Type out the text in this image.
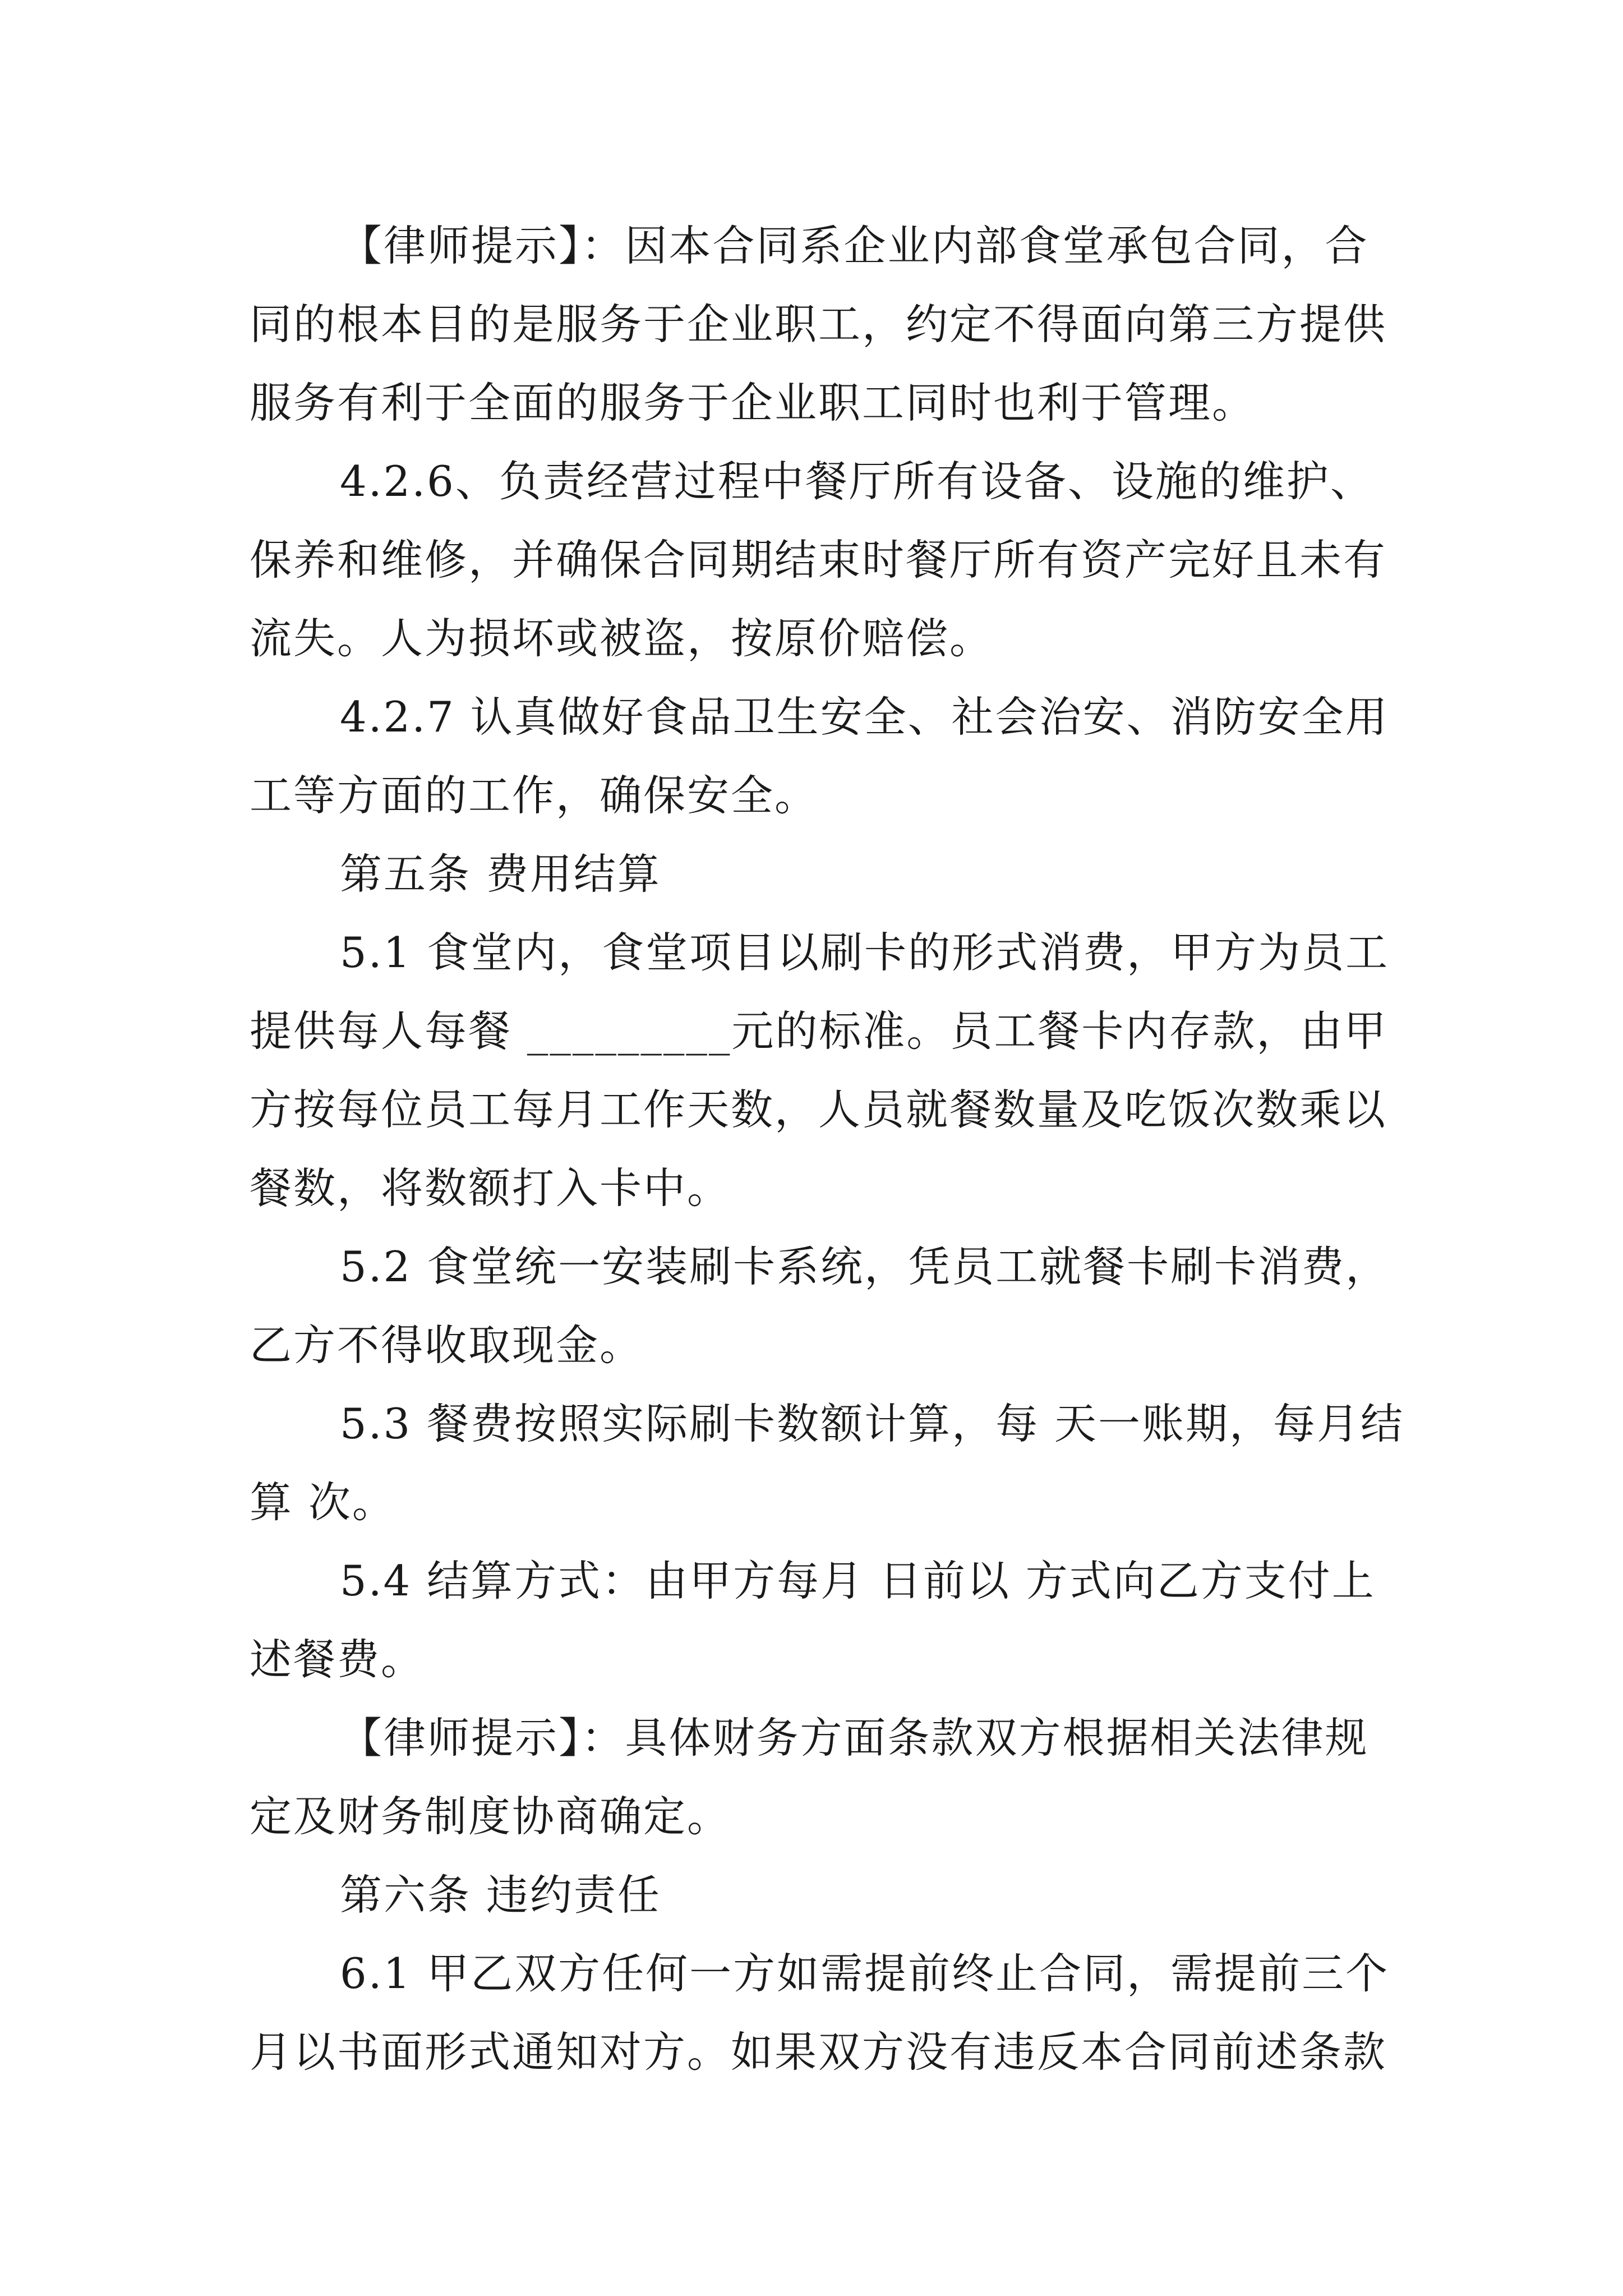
【律师提示】：因本合同系企业内部食堂承包合同，合
同的根本目的是服务于企业职工，约定不得面向第三方提供
服务有利于全面的服务于企业职工同时也利于管理。
4.2.6、负责经营过程中餐厅所有设备、设施的维护、
保养和维修，并确保合同期结束时餐厅所有资产完好且未有
流失。人为损坏或被盗，按原价赔偿。
4.2.7 认真做好食品卫生安全、社会治安、消防安全用
工等方面的工作，确保安全。
第五条 费用结算
5.1 食堂内，食堂项目以刷卡的形式消费，甲方为员工
提供每人每餐 _________元的标准。员工餐卡内存款，由甲
方按每位员工每月工作天数，人员就餐数量及吃饭次数乘以
餐数，将数额打入卡中。
5.2 食堂统一安装刷卡系统，凭员工就餐卡刷卡消费，
乙方不得收取现金。
5.3 餐费按照实际刷卡数额计算，每 天一账期，每月结
算 次。
5.4 结算方式：由甲方每月 日前以 方式向乙方支付上
述餐费。
【律师提示】：具体财务方面条款双方根据相关法律规
定及财务制度协商确定。
第六条 违约责任
6.1 甲乙双方任何一方如需提前终止合同，需提前三个
月以书面形式通知对方。如果双方没有违反本合同前述条款
